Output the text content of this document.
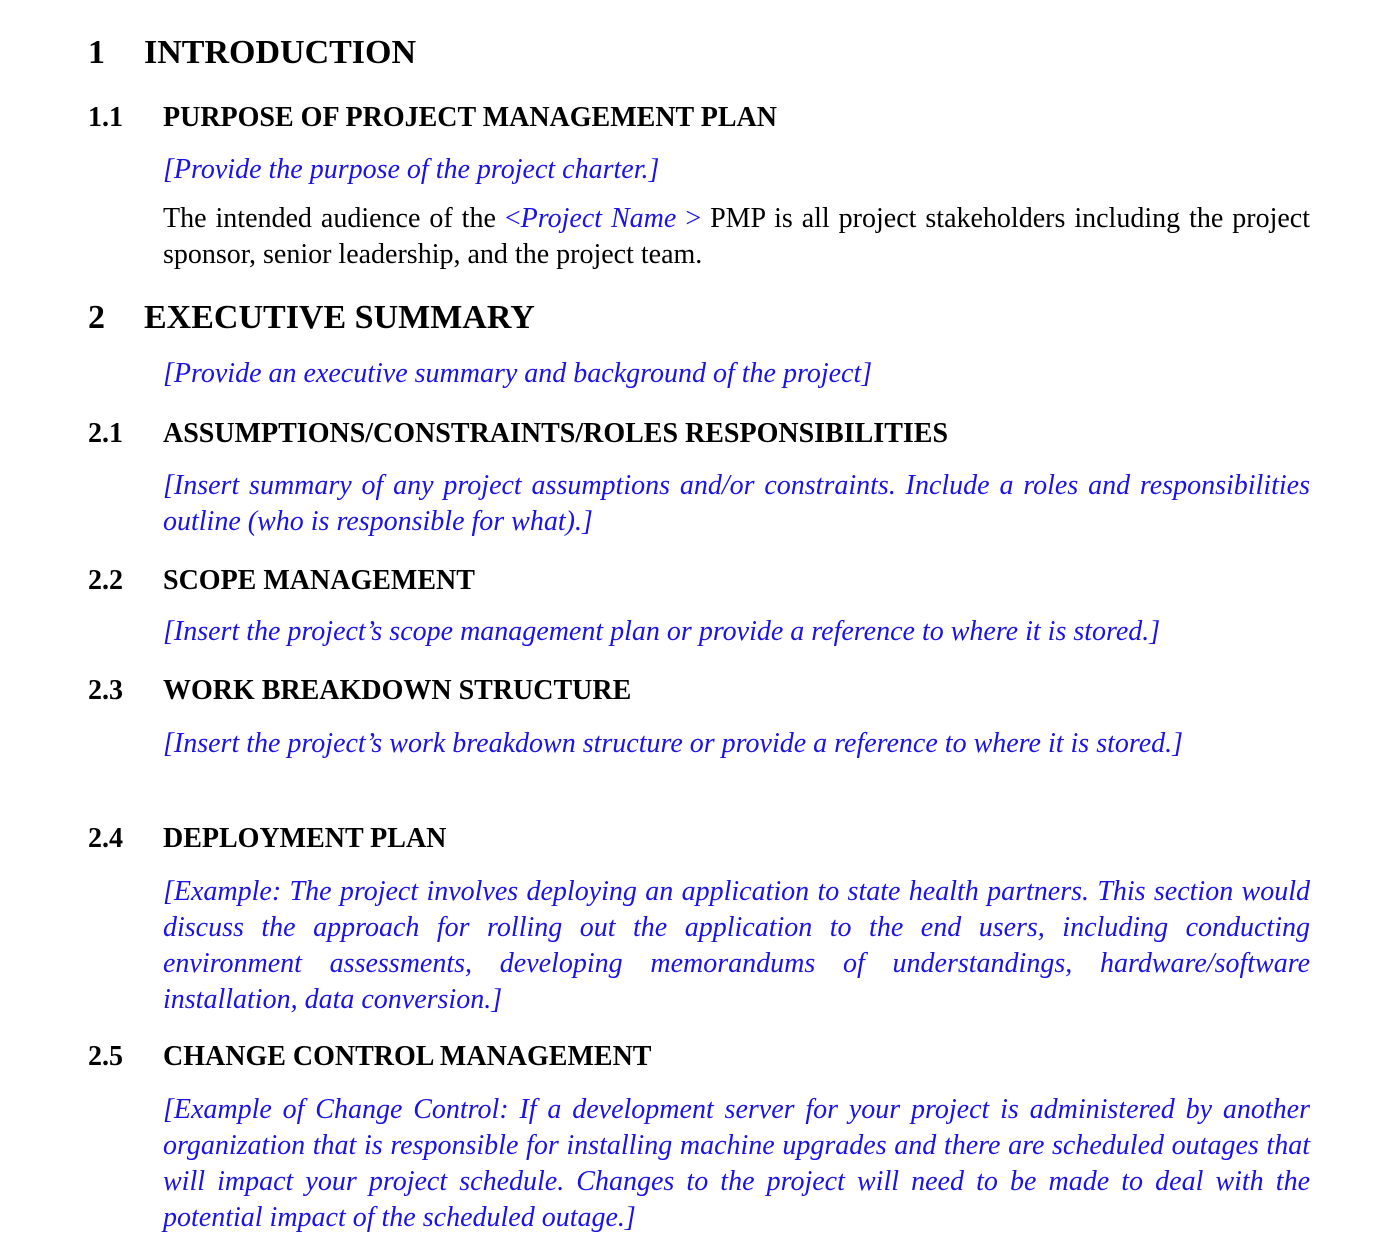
1 INTRODUCTION
1.1 PURPOSE OF PROJECT MANAGEMENT PLAN
[Provide the purpose of the project charter.]
The intended audience of the <Project Name > PMP is all project stakeholders including the project sponsor, senior leadership, and the project team.
2 EXECUTIVE SUMMARY
[Provide an executive summary and background of the project]
2.1 ASSUMPTIONS/CONSTRAINTS/ROLES RESPONSIBILITIES
[Insert summary of any project assumptions and/or constraints. Include a roles and responsibilities outline (who is responsible for what).]
2.2 SCOPE MANAGEMENT
[Insert the project’s scope management plan or provide a reference to where it is stored.]
2.3 WORK BREAKDOWN STRUCTURE
[Insert the project’s work breakdown structure or provide a reference to where it is stored.]
2.4 DEPLOYMENT PLAN
[Example: The project involves deploying an application to state health partners. This section would discuss the approach for rolling out the application to the end users, including conducting environment assessments, developing memorandums of understandings, hardware/software installation, data conversion.]
2.5 CHANGE CONTROL MANAGEMENT
[Example of Change Control: If a development server for your project is administered by another organization that is responsible for installing machine upgrades and there are scheduled outages that will impact your project schedule. Changes to the project will need to be made to deal with the potential impact of the scheduled outage.]
